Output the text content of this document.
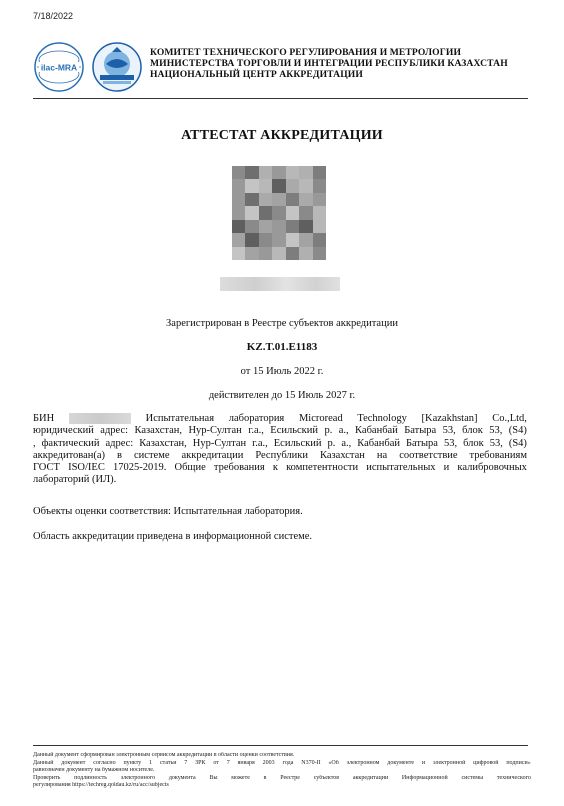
7/18/2022
ilac-MRA
КОМИТЕТ ТЕХНИЧЕСКОГО РЕГУЛИРОВАНИЯ И МЕТРОЛОГИИ
МИНИСТЕРСТВА ТОРГОВЛИ И ИНТЕГРАЦИИ РЕСПУБЛИКИ КАЗАХСТАН
НАЦИОНАЛЬНЫЙ ЦЕНТР АККРЕДИТАЦИИ
АТТЕСТАТ АККРЕДИТАЦИИ
Зарегистрирован в Реестре субъектов аккредитации
KZ.T.01.E1183
от 15 Июль 2022 г.
действителен до 15 Июль 2027 г.
БИН	Испытательная лаборатория Microread Technology [Kazakhstan] Co.,Ltd,
юридический адрес: Казахстан, Нур-Султан г.а., Есильский р. а., Кабанбай Батыра 53, блок 53, (S4)
, фактический адрес: Казахстан, Нур-Султан г.а., Есильский р. а., Кабанбай Батыра 53, блок 53, (S4)
аккредитован(а) в системе аккредитации Республики Казахстан на соответствие требованиям
ГОСТ ISO/IEC 17025-2019. Общие требования к компетентности испытательных и калибровочных
лабораторий (ИЛ).
Объекты оценки соответствия: Испытательная лаборатория.
Область аккредитации приведена в информационной системе.
Данный документ сформирован электронным сервисом аккредитации в области оценки соответствия.
Данный документ согласно пункту 1 статьи 7 ЗРК от 7 января 2003 года N370-II «Об электронном документе и электронной цифровой подписи»
равнозначен документу на бумажном носителе.
Проверить подлинность электронного документа Вы можете в Реестре субъектов аккредитации Информационной системы технического
регулирования https://techreg.qoldau.kz/ru/acc/subjects
